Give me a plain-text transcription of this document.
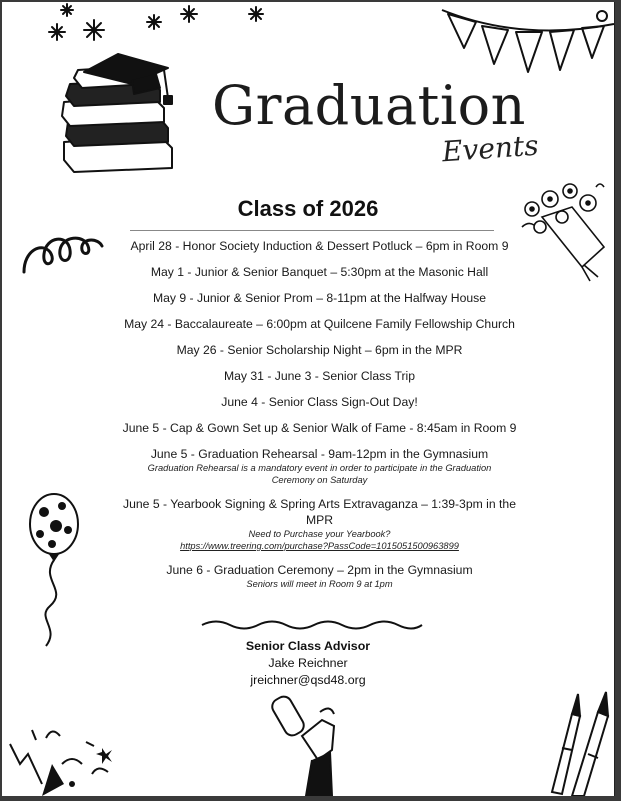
Graduation
Events
Class of 2026
April 28 - Honor Society Induction & Dessert Potluck – 6pm in Room 9
May 1 - Junior & Senior Banquet – 5:30pm at the Masonic Hall
May 9 - Junior & Senior Prom – 8-11pm at the Halfway House
May 24 - Baccalaureate – 6:00pm at Quilcene Family Fellowship Church
May 26 - Senior Scholarship Night – 6pm in the MPR
May 31 - June 3 - Senior Class Trip
June 4 - Senior Class Sign-Out Day!
June 5 - Cap & Gown Set up & Senior Walk of Fame - 8:45am in Room 9
June 5 - Graduation Rehearsal - 9am-12pm in the Gymnasium
Graduation Rehearsal is a mandatory event in order to participate in the Graduation Ceremony on Saturday
June 5 - Yearbook Signing & Spring Arts Extravaganza – 1:39-3pm in the MPR
Need to Purchase your Yearbook?
https://www.treering.com/purchase?PassCode=1015051500963899
June 6 - Graduation Ceremony – 2pm in the Gymnasium
Seniors will meet in Room 9 at 1pm
Senior Class Advisor
Jake Reichner
jreichner@qsd48.org
